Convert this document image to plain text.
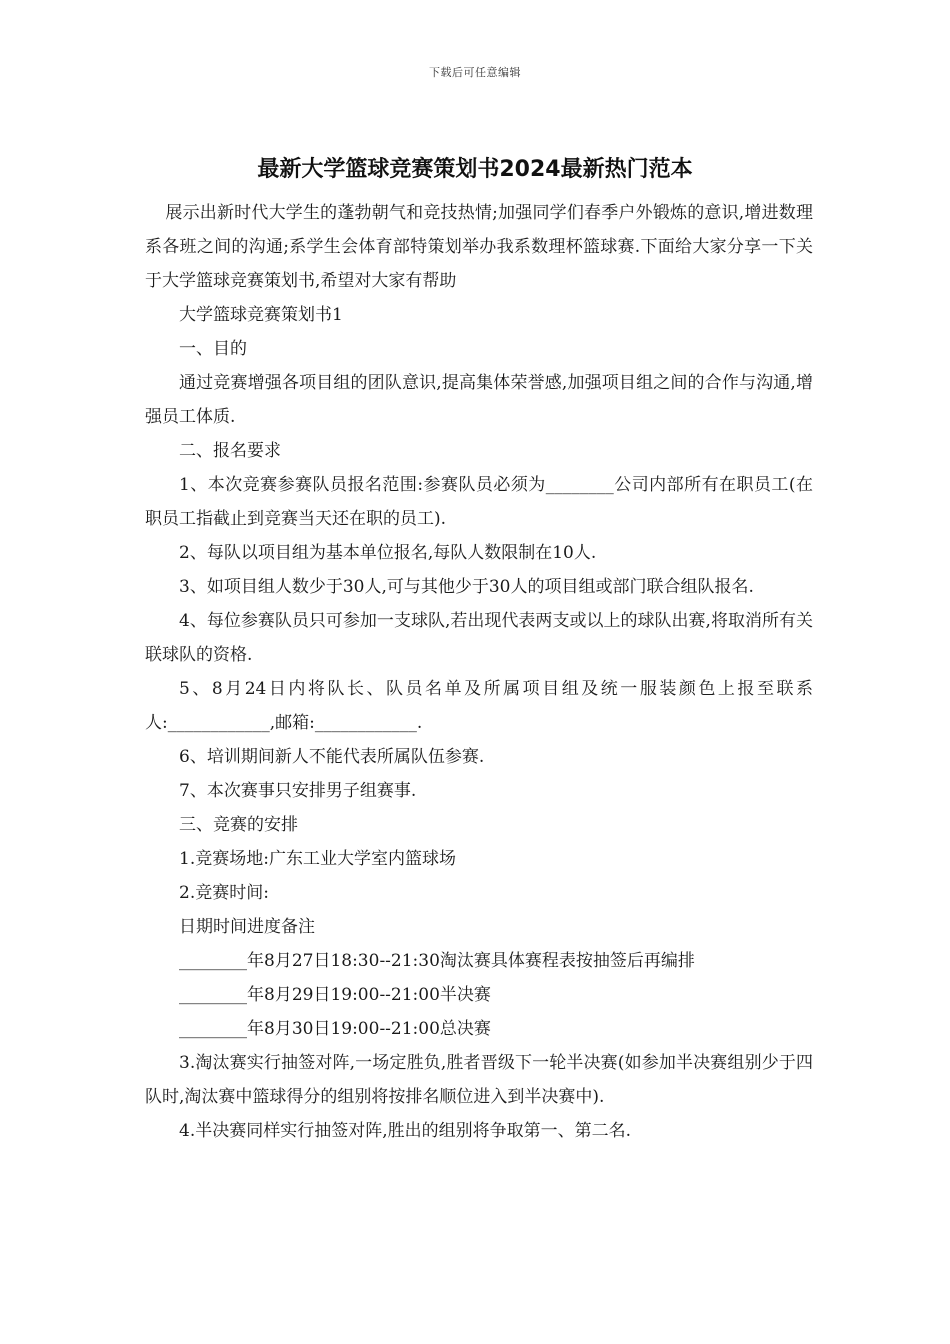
下载后可任意编辑
最新大学篮球竞赛策划书2024最新热门范本

展示出新时代大学生的蓬勃朝气和竞技热情;加强同学们春季户外锻炼的意识,增进数理系各班之间的沟通;系学生会体育部特策划举办我系数理杯篮球赛.下面给大家分享一下关于大学篮球竞赛策划书,希望对大家有帮助

大学篮球竞赛策划书1

一、目的

通过竞赛增强各项目组的团队意识,提高集体荣誉感,加强项目组之间的合作与沟通,增强员工体质.

二、报名要求

1、本次竞赛参赛队员报名范围:参赛队员必须为________公司内部所有在职员工(在职员工指截止到竞赛当天还在职的员工).

2、每队以项目组为基本单位报名,每队人数限制在10人.

3、如项目组人数少于30人,可与其他少于30人的项目组或部门联合组队报名.

4、每位参赛队员只可参加一支球队,若出现代表两支或以上的球队出赛,将取消所有关联球队的资格.

5、8月24日内将队长、队员名单及所属项目组及统一服装颜色上报至联系人:____________,邮箱:____________.

6、培训期间新人不能代表所属队伍参赛.

7、本次赛事只安排男子组赛事.

三、竞赛的安排

1.竞赛场地:广东工业大学室内篮球场

2.竞赛时间:

日期时间进度备注

________年8月27日18:30--21:30淘汰赛具体赛程表按抽签后再编排

________年8月29日19:00--21:00半决赛

________年8月30日19:00--21:00总决赛

3.淘汰赛实行抽签对阵,一场定胜负,胜者晋级下一轮半决赛(如参加半决赛组别少于四队时,淘汰赛中篮球得分的组别将按排名顺位进入到半决赛中).

4.半决赛同样实行抽签对阵,胜出的组别将争取第一、第二名.
